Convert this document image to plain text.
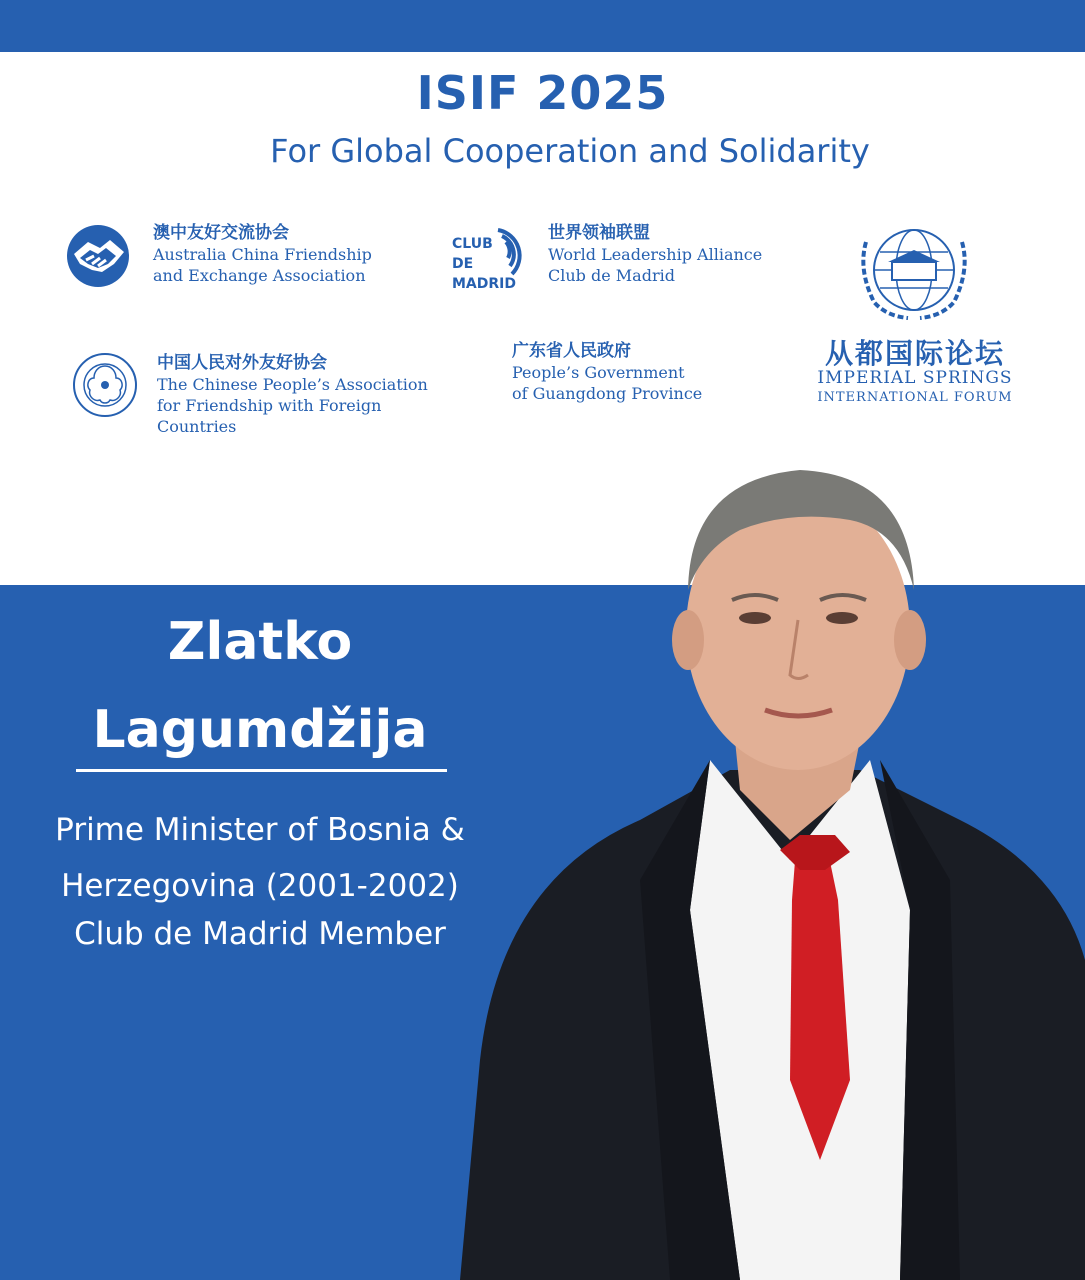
ISIF 2025
For Global Cooperation and Solidarity
澳中友好交流协会
Australia China Friendship
and Exchange Association
CLUB
DE
MADRID
世界领袖联盟
World Leadership Alliance
Club de Madrid
中国人民对外友好协会
The Chinese People’s Association
for Friendship with Foreign Countries
广东省人民政府
People’s Government
of Guangdong Province
从都国际论坛
IMPERIAL SPRINGS
INTERNATIONAL FORUM
Zlatko
Lagumdžija
Prime Minister of Bosnia &
Herzegovina (2001-2002)
Club de Madrid Member
